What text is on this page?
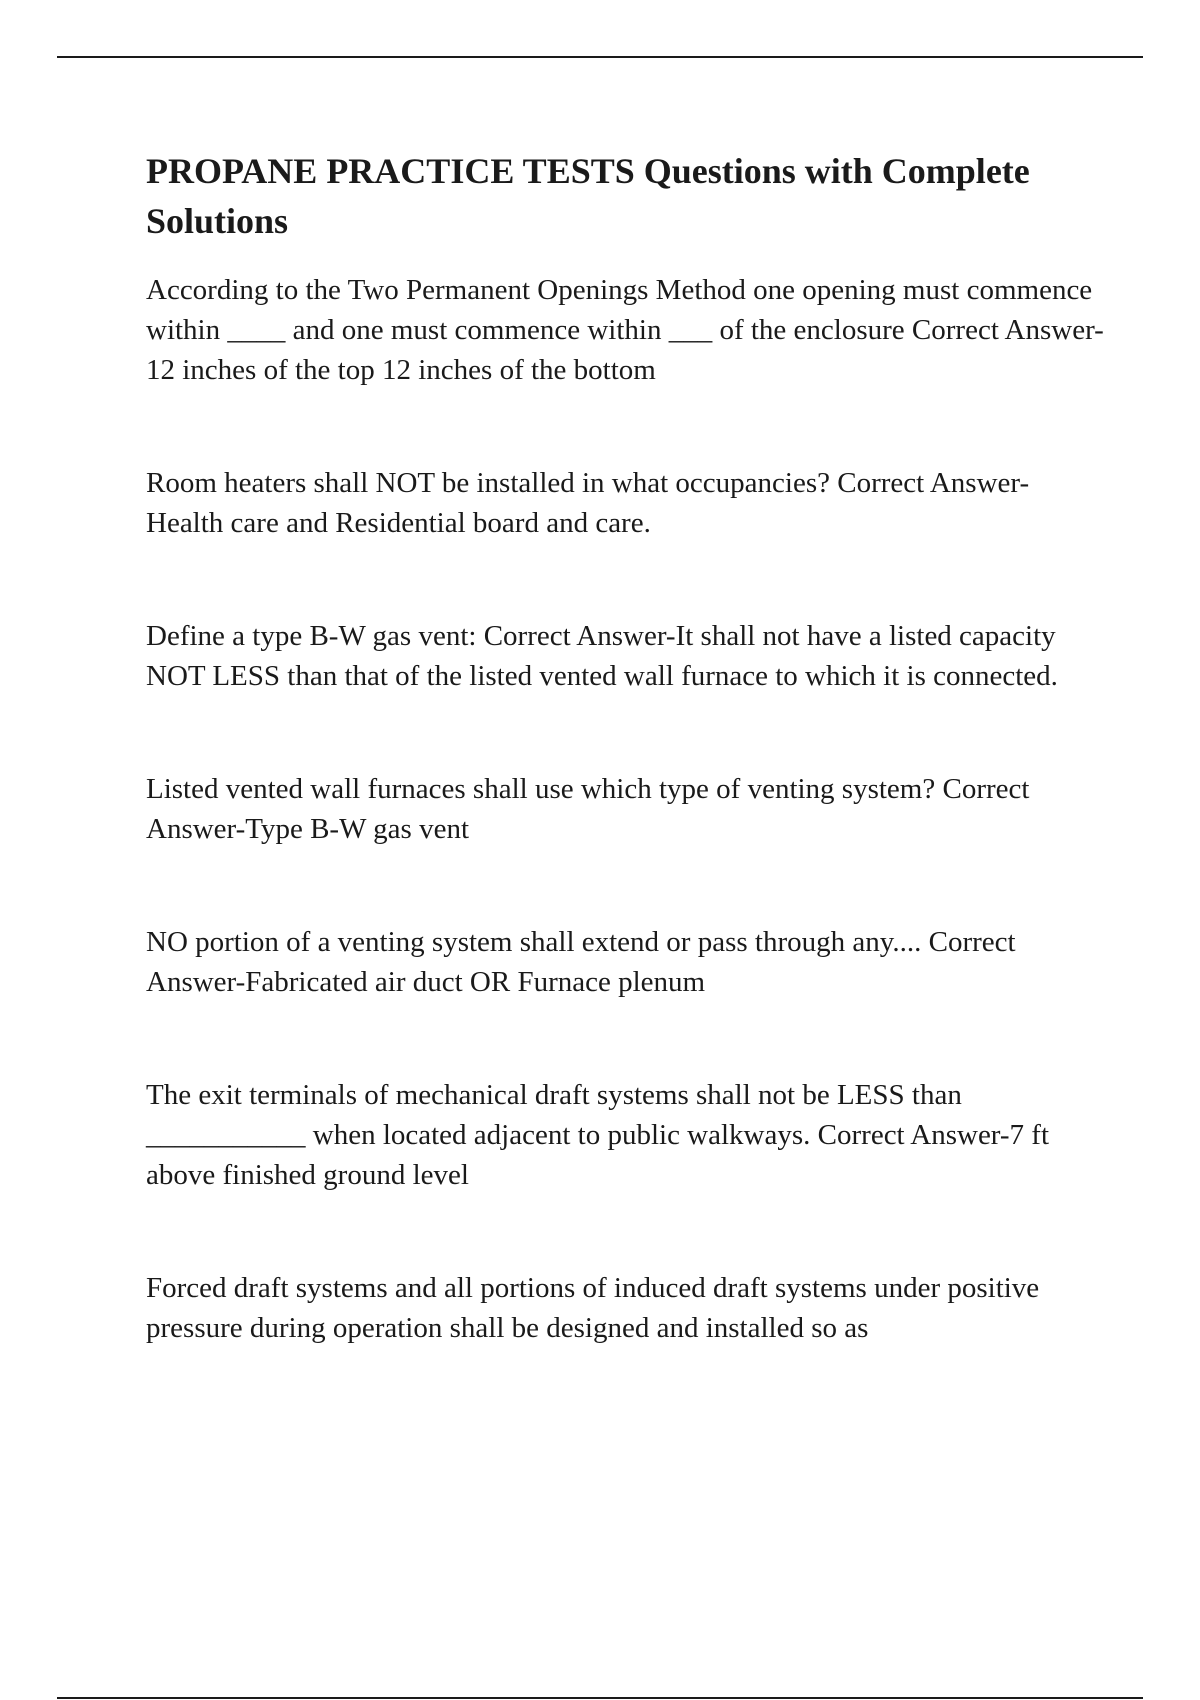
PROPANE PRACTICE TESTS Questions with Complete Solutions

According to the Two Permanent Openings Method one opening must commence within ____ and one must commence within ___ of the enclosure Correct Answer-12 inches of the top 12 inches of the bottom

Room heaters shall NOT be installed in what occupancies? Correct Answer-Health care and Residential board and care.

Define a type B-W gas vent: Correct Answer-It shall not have a listed capacity NOT LESS than that of the listed vented wall furnace to which it is connected.

Listed vented wall furnaces shall use which type of venting system? Correct Answer-Type B-W gas vent

NO portion of a venting system shall extend or pass through any.... Correct Answer-Fabricated air duct OR Furnace plenum

The exit terminals of mechanical draft systems shall not be LESS than ___________ when located adjacent to public walkways. Correct Answer-7 ft above finished ground level

Forced draft systems and all portions of induced draft systems under positive pressure during operation shall be designed and installed so as
